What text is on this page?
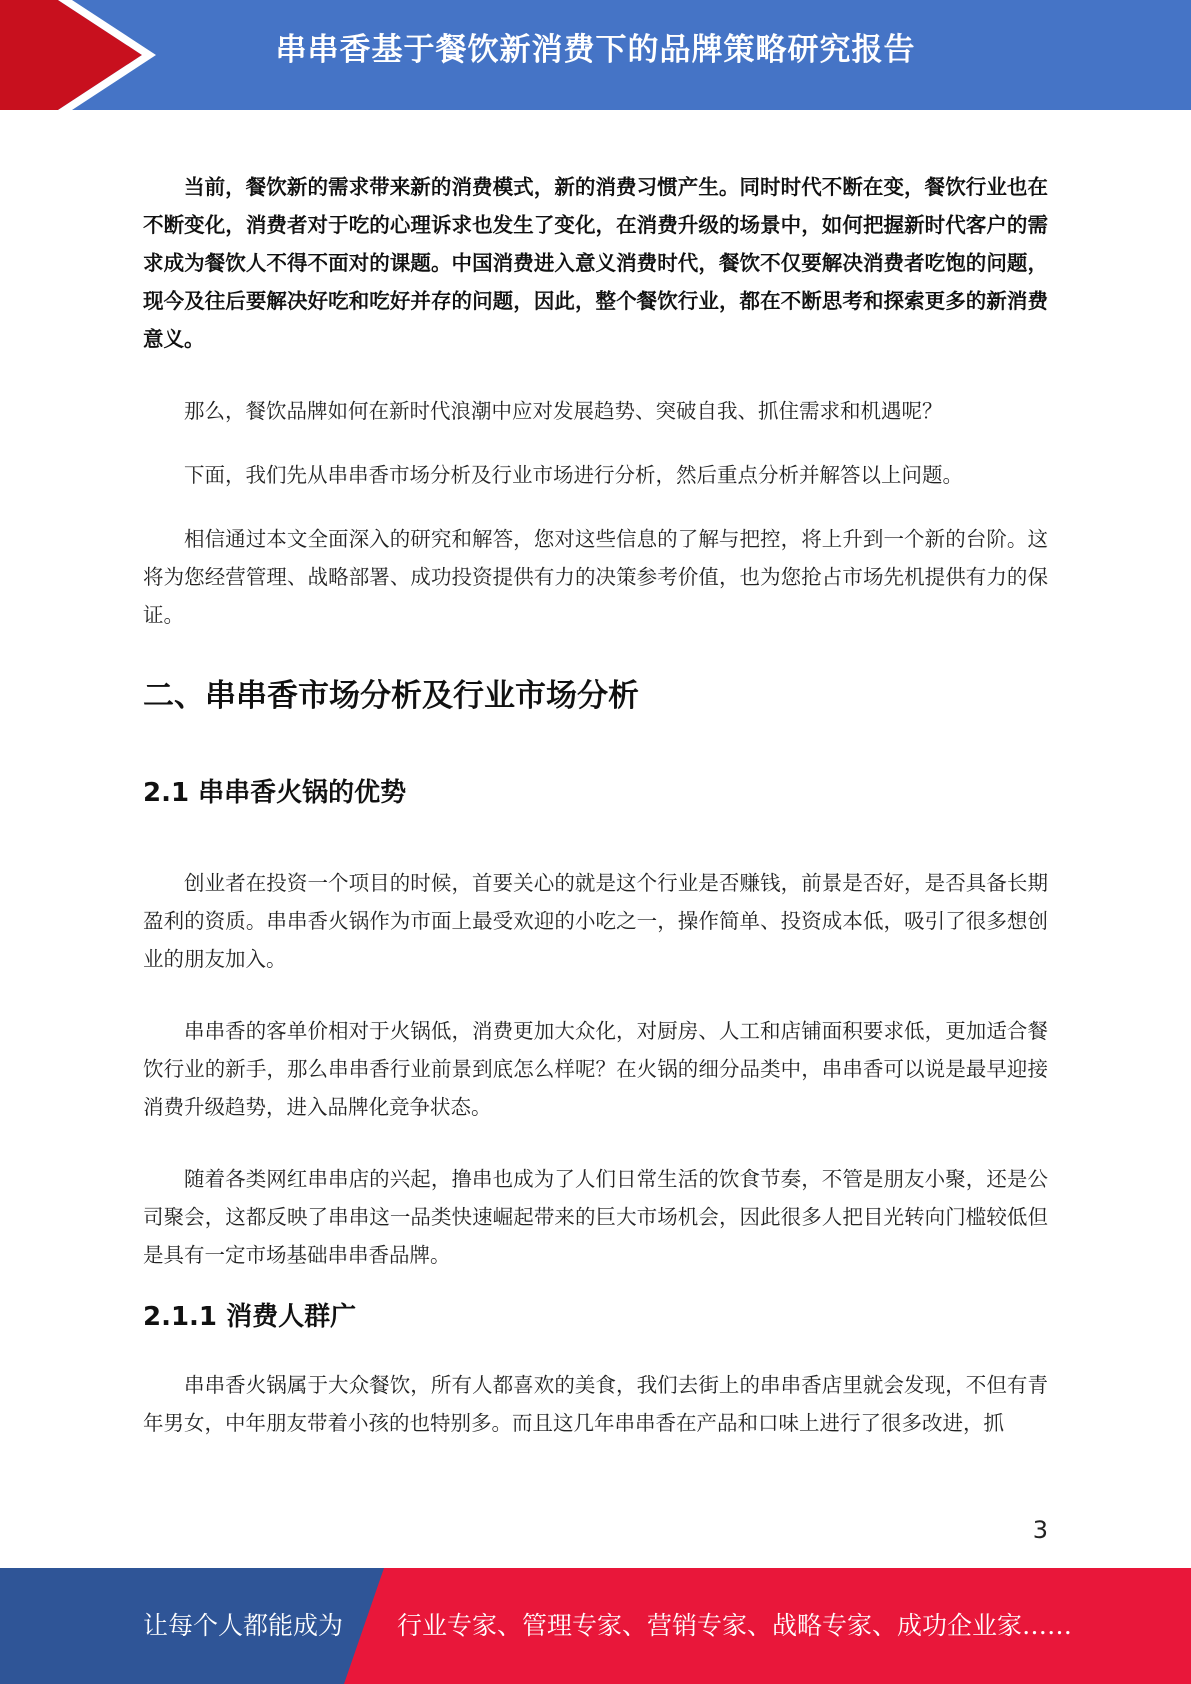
串串香基于餐饮新消费下的品牌策略研究报告

当前，餐饮新的需求带来新的消费模式，新的消费习惯产生。同时时代不断在变，餐饮行业也在不断变化，消费者对于吃的心理诉求也发生了变化，在消费升级的场景中，如何把握新时代客户的需求成为餐饮人不得不面对的课题。中国消费进入意义消费时代，餐饮不仅要解决消费者吃饱的问题，现今及往后要解决好吃和吃好并存的问题，因此，整个餐饮行业，都在不断思考和探索更多的新消费意义。

那么，餐饮品牌如何在新时代浪潮中应对发展趋势、突破自我、抓住需求和机遇呢？

下面，我们先从串串香市场分析及行业市场进行分析，然后重点分析并解答以上问题。

相信通过本文全面深入的研究和解答，您对这些信息的了解与把控，将上升到一个新的台阶。这将为您经营管理、战略部署、成功投资提供有力的决策参考价值，也为您抢占市场先机提供有力的保证。

二、串串香市场分析及行业市场分析
2.1 串串香火锅的优势

创业者在投资一个项目的时候，首要关心的就是这个行业是否赚钱，前景是否好，是否具备长期盈利的资质。串串香火锅作为市面上最受欢迎的小吃之一，操作简单、投资成本低，吸引了很多想创业的朋友加入。

串串香的客单价相对于火锅低，消费更加大众化，对厨房、人工和店铺面积要求低，更加适合餐饮行业的新手，那么串串香行业前景到底怎么样呢？在火锅的细分品类中，串串香可以说是最早迎接消费升级趋势，进入品牌化竞争状态。

随着各类网红串串店的兴起，撸串也成为了人们日常生活的饮食节奏，不管是朋友小聚，还是公司聚会，这都反映了串串这一品类快速崛起带来的巨大市场机会，因此很多人把目光转向门槛较低但是具有一定市场基础串串香品牌。

2.1.1 消费人群广

串串香火锅属于大众餐饮，所有人都喜欢的美食，我们去街上的串串香店里就会发现，不但有青年男女，中年朋友带着小孩的也特别多。而且这几年串串香在产品和口味上进行了很多改进，抓

3
让每个人都能成为 行业专家、管理专家、营销专家、战略专家、成功企业家……
